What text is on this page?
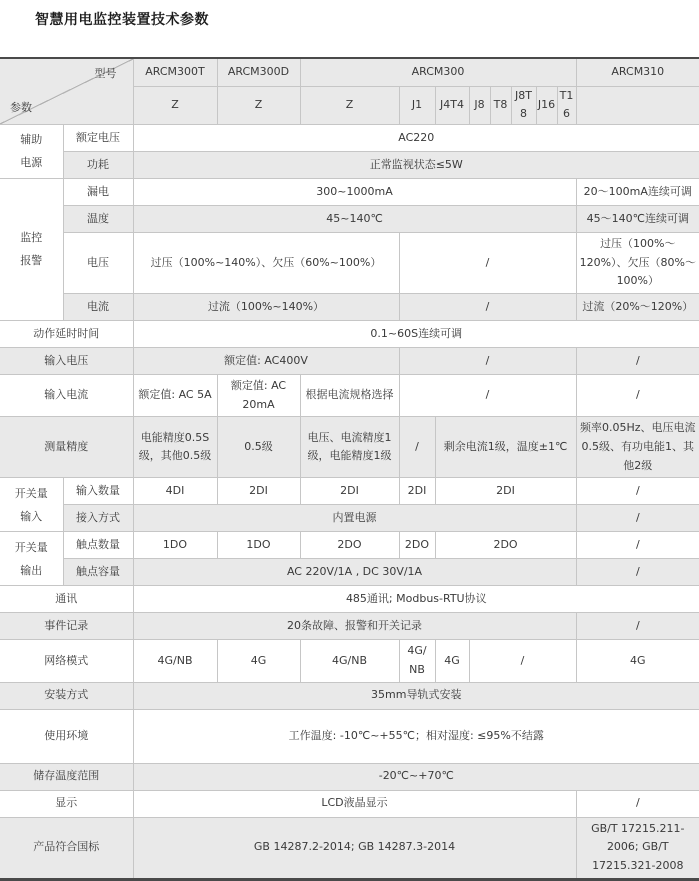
智慧用电监控装置技术参数
型号
参数		ARCM300T	ARCM300D	ARCM300								ARCM310
		Z	Z	Z	J1	J4T4	J8	T8	J8T8	J16	T16	
辅助电源	额定电压	AC220										
	功耗	正常监视状态≤5W										
监控报警	漏电	300~1000mA										20～100mA连续可调
	温度	45~140℃										45～140℃连续可调
	电压	过压（100%~140%）、欠压（60%~100%）			/							过压（100%～120%）、欠压（80%～100%）
	电流	过流（100%~140%）			/							过流（20%～120%）
动作延时时间		0.1~60S连续可调										
输入电压		额定值: AC400V			/							/
输入电流		额定值: AC 5A	额定值: AC 20mA	根据电流规格选择	/							/
测量精度		电能精度0.5S级，其他0.5级	0.5级	电压、电流精度1级，电能精度1级	/	剩余电流1级，温度±1℃						频率0.05Hz、电压电流0.5级、有功电能1、其他2级
开关量输入	输入数量	4DI	2DI	2DI	2DI	2DI						/
	接入方式	内置电源										/
开关量输出	触点数量	1DO	1DO	2DO	2DO	2DO						/
	触点容量	AC 220V/1A , DC 30V/1A										/
通讯		485通讯; Modbus-RTU协议										
事件记录		20条故障、报警和开关记录										/
网络模式		4G/NB	4G	4G/NB	4G/NB	4G	/					4G
安装方式		35mm导轨式安装										
使用环境		工作温度: -10℃~+55℃；相对湿度: ≤95%不结露										
储存温度范围		-20℃~+70℃										
显示		LCD液晶显示										/
产品符合国标		GB 14287.2-2014; GB 14287.3-2014										GB/T 17215.211-2006; GB/T 17215.321-2008
